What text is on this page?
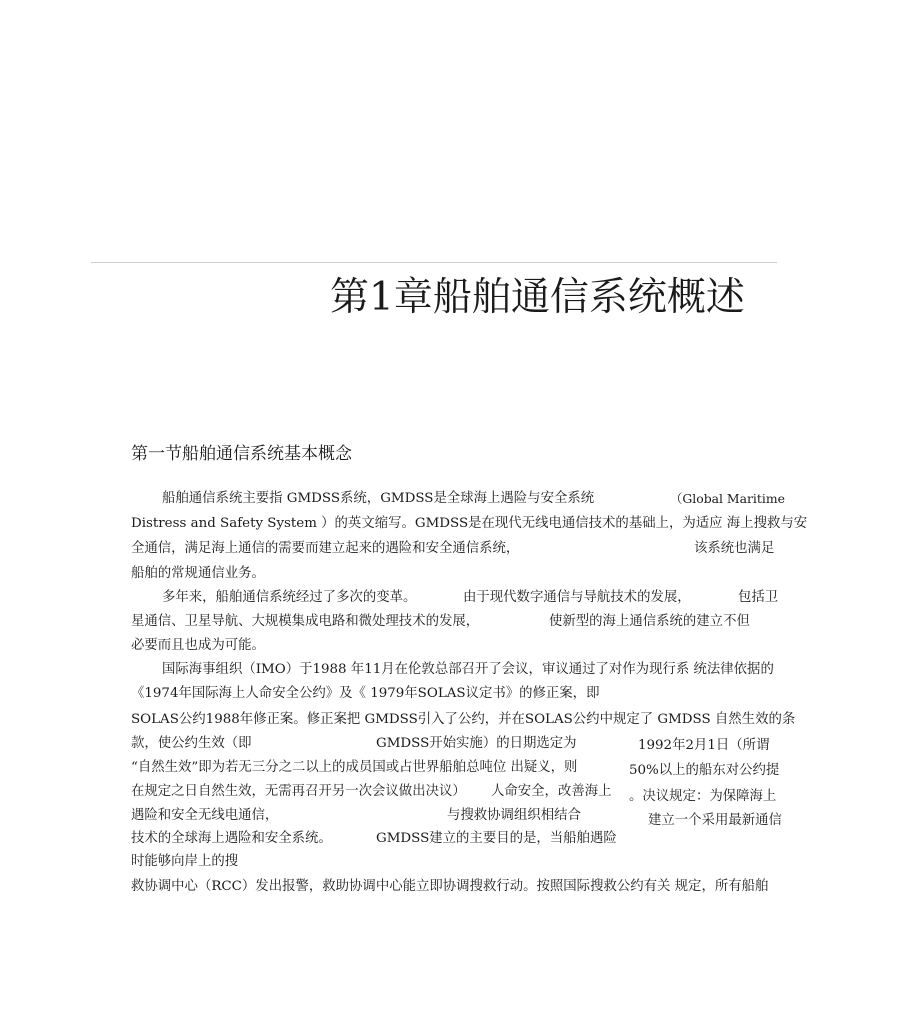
第1章船舶通信系统概述
第一节船舶通信系统基本概念
船舶通信系统主要指 GMDSS系统，GMDSS是全球海上遇险与安全系统	（Global Maritime
Distress and Safety System ）的英文缩写。GMDSS是在现代无线电通信技术的基础上，为适应 海上搜救与安
全通信，满足海上通信的需要而建立起来的遇险和安全通信系统，	该系统也满足
船舶的常规通信业务。
多年来，船舶通信系统经过了多次的变革。	由于现代数字通信与导航技术的发展，	包括卫
星通信、卫星导航、大规模集成电路和微处理技术的发展，	使新型的海上通信系统的建立不但
必要而且也成为可能。
国际海事组织（IMO）于1988 年11月在伦敦总部召开了会议，审议通过了对作为现行系 统法律依据的
《1974年国际海上人命安全公约》及《 1979年SOLAS议定书》的修正案，即
SOLAS公约1988年修正案。修正案把 GMDSS引入了公约，并在SOLAS公约中规定了 GMDSS 自然生效的条
款，使公约生效（即	GMDSS开始实施）的日期选定为	1992年2月1日（所谓
“自然生效”即为若无三分之二以上的成员国或占世界船舶总吨位 出疑义，则	50%以上的船东对公约提
在规定之日自然生效，无需再召开另一次会议做出决议） 人命安全，改善海上 。决议规定：为保障海上
遇险和安全无线电通信，	与搜救协调组织相结合	建立一个采用最新通信
技术的全球海上遇险和安全系统。	GMDSS建立的主要目的是，当船舶遇险
时能够向岸上的搜
救协调中心（RCC）发出报警，救助协调中心能立即协调搜救行动。按照国际搜救公约有关 规定，所有船舶
